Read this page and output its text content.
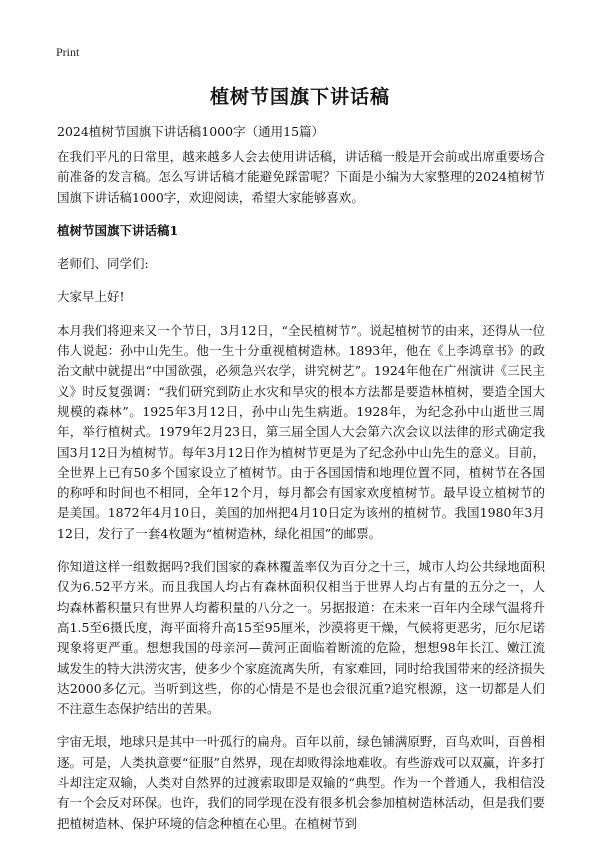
Print
植树节国旗下讲话稿
2024植树节国旗下讲话稿1000字（通用15篇）

在我们平凡的日常里，越来越多人会去使用讲话稿，讲话稿一般是开会前或出席重要场合前准备的发言稿。怎么写讲话稿才能避免踩雷呢？下面是小编为大家整理的2024植树节国旗下讲话稿1000字，欢迎阅读，希望大家能够喜欢。

植树节国旗下讲话稿1

老师们、同学们:

大家早上好!

本月我们将迎来又一个节日，3月12日，“全民植树节”。说起植树节的由来，还得从一位伟人说起：孙中山先生。他一生十分重视植树造林。1893年，他在《上李鸿章书》的政治文献中就提出“中国欲强，必须急兴农学，讲究树艺”。1924年他在广州演讲《三民主义》时反复强调：“我们研究到防止水灾和旱灾的根本方法都是要造林植树，要造全国大规模的森林”。1925年3月12日，孙中山先生病逝。1928年，为纪念孙中山逝世三周年，举行植树式。1979年2月23日，第三届全国人大会第六次会议以法律的形式确定我国3月12日为植树节。每年3月12日作为植树节更是为了纪念孙中山先生的意义。目前，全世界上已有50多个国家设立了植树节。由于各国国情和地理位置不同，植树节在各国的称呼和时间也不相同，全年12个月，每月都会有国家欢度植树节。最早设立植树节的是美国。1872年4月10日，美国的加州把4月10日定为该州的植树节。我国1980年3月12日，发行了一套4枚题为“植树造林，绿化祖国”的邮票。

你知道这样一组数据吗?我们国家的森林覆盖率仅为百分之十三，城市人均公共绿地面积仅为6.52平方米。而且我国人均占有森林面积仅相当于世界人均占有量的五分之一，人均森林蓄积量只有世界人均蓄积量的八分之一。另据报道：在未来一百年内全球气温将升高1.5至6摄氏度，海平面将升高15至95厘米，沙漠将更干燥，气候将更恶劣，厄尔尼诺现象将更严重。想想我国的母亲河—黄河正面临着断流的危险，想想98年长江、嫩江流域发生的特大洪涝灾害，使多少个家庭流离失所，有家难回，同时给我国带来的经济损失达2000多亿元。当听到这些，你的心情是不是也会很沉重?追究根源，这一切都是人们不注意生态保护结出的苦果。

宇宙无垠，地球只是其中一叶孤行的扁舟。百年以前，绿色铺满原野，百鸟欢叫，百兽相逐。可是，人类执意要“征服”自然界，现在却败得涂地难收。有些游戏可以双赢，许多打斗却注定双输，人类对自然界的过渡索取即是双输的“典型。作为一个普通人，我相信没有一个会反对环保。也许，我们的同学现在没有很多机会参加植树造林活动，但是我们要把植树造林、保护环境的信念种植在心里。在植树节到
